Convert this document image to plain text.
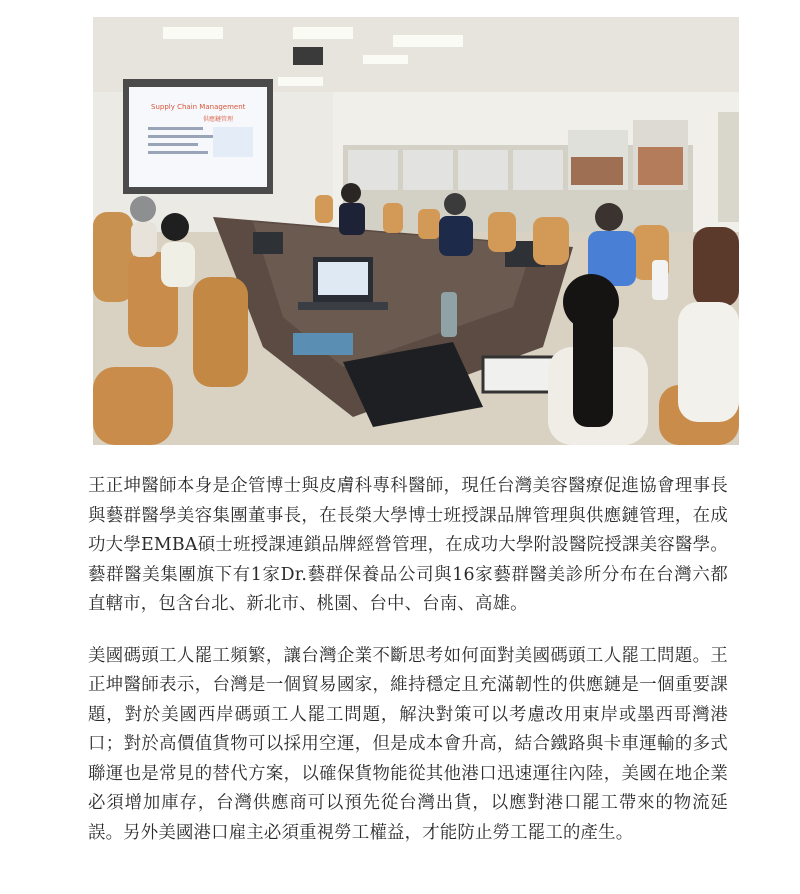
Supply Chain Management
供應鏈管理

王正坤醫師本身是企管博士與皮膚科專科醫師，現任台灣美容醫療促進協會理事長與藝群醫學美容集團董事長，在長榮大學博士班授課品牌管理與供應鏈管理，在成功大學EMBA碩士班授課連鎖品牌經營管理，在成功大學附設醫院授課美容醫學。藝群醫美集團旗下有1家Dr.藝群保養品公司與16家藝群醫美診所分布在台灣六都直轄市，包含台北、新北市、桃園、台中、台南、高雄。

美國碼頭工人罷工頻繁，讓台灣企業不斷思考如何面對美國碼頭工人罷工問題。王正坤醫師表示，台灣是一個貿易國家，維持穩定且充滿韌性的供應鏈是一個重要課題，對於美國西岸碼頭工人罷工問題，解決對策可以考慮改用東岸或墨西哥灣港口；對於高價值貨物可以採用空運，但是成本會升高，結合鐵路與卡車運輸的多式聯運也是常見的替代方案，以確保貨物能從其他港口迅速運往內陸，美國在地企業必須增加庫存，台灣供應商可以預先從台灣出貨，以應對港口罷工帶來的物流延誤。另外美國港口雇主必須重視勞工權益，才能防止勞工罷工的產生。
